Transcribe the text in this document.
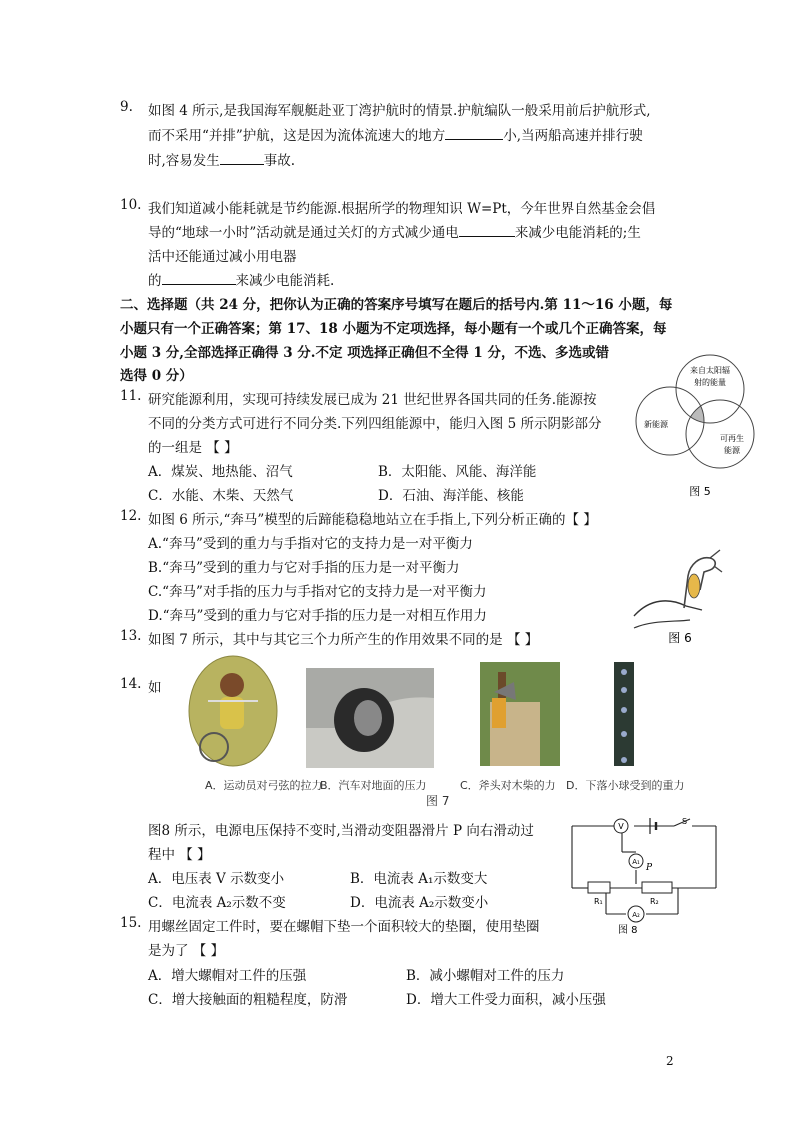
9. 如图 4 所示,是我国海军舰艇赴亚丁湾护航时的情景.护航编队一般采用前后护航形式,
而不采用“并排”护航，这是因为流体流速大的地方	小,当两船高速并排行驶
时,容易发生	事故.
10. 我们知道减小能耗就是节约能源.根据所学的物理知识 W=Pt，今年世界自然基金会倡
导的“地球一小时”活动就是通过关灯的方式减少通电	来减少电能消耗的;生
活中还能通过减小用电器
的	来减少电能消耗.
二、选择题（共 24 分，把你认为正确的答案序号填写在题后的括号内.第 11～16 小题，每
小题只有一个正确答案；第 17、18 小题为不定项选择，每小题有一个或几个正确答案，每
小题 3 分,全部选择正确得 3 分.不定 项选择正确但不全得 1 分，不选、多选或错
选得 0 分）
11. 研究能源利用，实现可持续发展已成为 21 世纪世界各国共同的任务.能源按
不同的分类方式可进行不同分类.下列四组能源中，能归入图 5 所示阴影部分
的一组是 【 】
A．煤炭、地热能、沼气	B．太阳能、风能、海洋能
C．水能、木柴、天然气	D．石油、海洋能、核能
来自太阳辐
射的能量
新能源
可再生
能源
图 5
12. 如图 6 所示,“奔马”模型的后蹄能稳稳地站立在手指上,下列分析正确的【 】
A.“奔马”受到的重力与手指对它的支持力是一对平衡力
B.“奔马”受到的重力与它对手指的压力是一对平衡力
C.“奔马”对手指的压力与手指对它的支持力是一对平衡力
D.“奔马”受到的重力与它对手指的压力是一对相互作用力
图 6
13. 如图 7 所示，其中与其它三个力所产生的作用效果不同的是 【 】
14. 如
A．运动员对弓弦的拉力
B．汽车对地面的压力	C．斧头对木柴的力 D．下落小球受到的重力
图 7
图8 所示，电源电压保持不变时,当滑动变阻器滑片 P 向右滑动过
程中 【 】
A．电压表 V 示数变小	B．电流表 A₁示数变大
C．电流表 A₂示数不变	D．电流表 A₂示数变小
V
S
A₁
P
R₁	R₂
A₂
图 8
15. 用螺丝固定工件时，要在螺帽下垫一个面积较大的垫圈，使用垫圈
是为了 【 】
A．增大螺帽对工件的压强	B．减小螺帽对工件的压力
C．增大接触面的粗糙程度，防滑	D．增大工件受力面积，减小压强
2
